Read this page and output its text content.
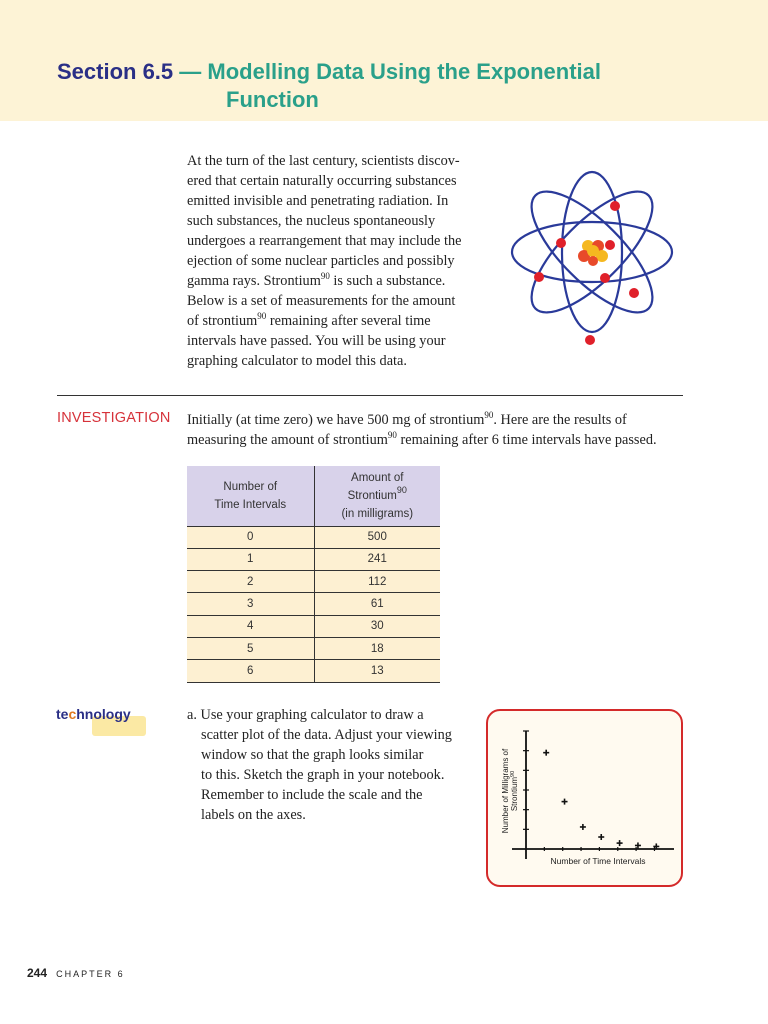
Section 6.5 — Modelling Data Using the Exponential
Function
At the turn of the last century, scientists discov-
ered that certain naturally occurring substances
emitted invisible and penetrating radiation. In
such substances, the nucleus spontaneously
undergoes a rearrangement that may include the
ejection of some nuclear particles and possibly
gamma rays. Strontium$^{90}$ is such a substance.
Below is a set of measurements for the amount
of strontium$^{90}$ remaining after several time
intervals have passed. You will be using your
graphing calculator to model this data.
INVESTIGATION Initially (at time zero) we have 500 mg of strontium$^{90}$. Here are the results of
measuring the amount of strontium$^{90}$ remaining after 6 time intervals have passed.
Number of
Time Intervals	Amount of
Strontium$^{90}$
(in milligrams)
0	500
1	241
2	112
3	61
4	30
5	18
6	13
technology	a. Use your graphing calculator to draw a

scatter plot of the data. Adjust your viewing
window so that the graph looks similar
to this. Sketch the graph in your notebook.
Remember to include the scale and the
labels on the axes.
Number of Time Intervals
Number of Milligrams of Strontium$^{90}$
244 CHAPTER 6
